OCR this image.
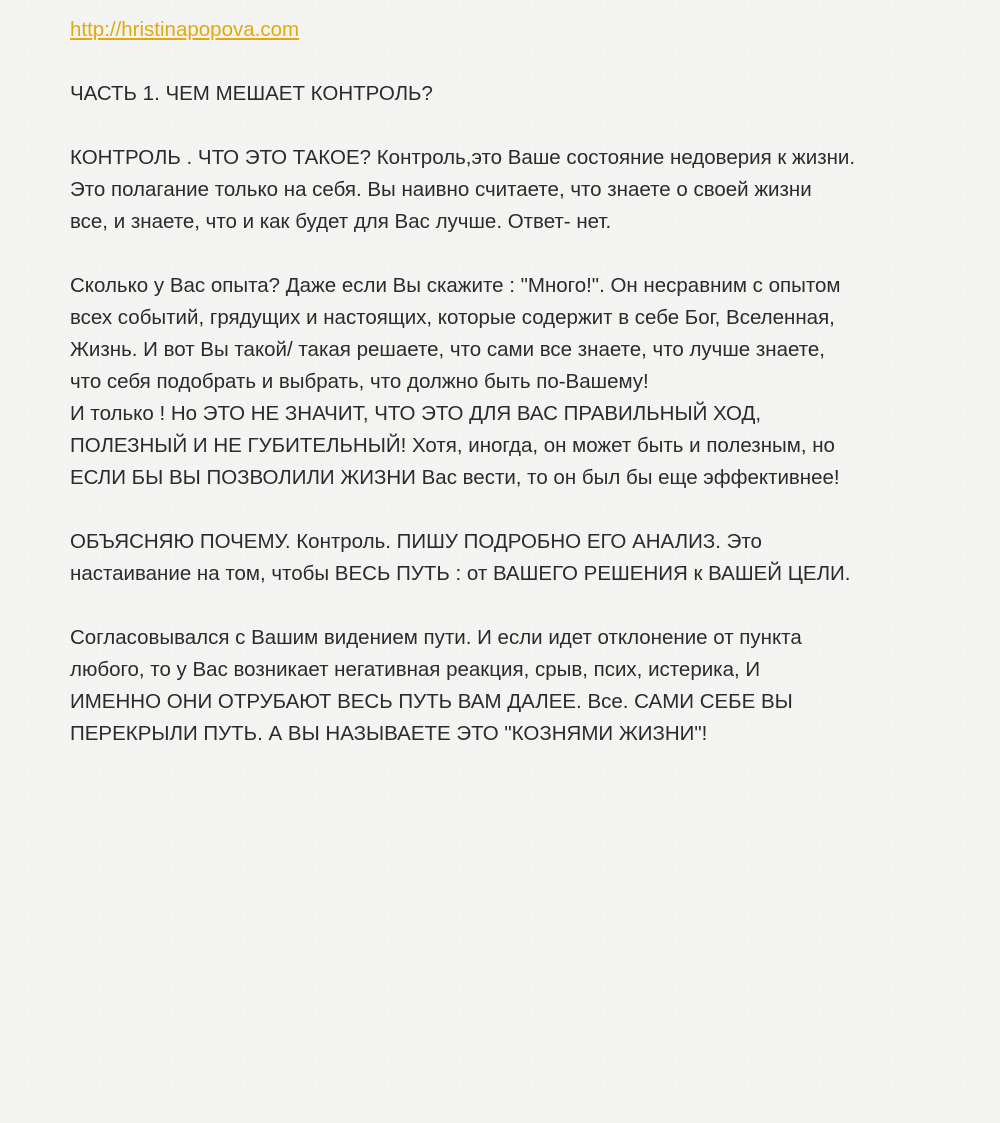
http://hristinapopova.com

ЧАСТЬ 1. ЧЕМ МЕШАЕТ КОНТРОЛЬ?

КОНТРОЛЬ . ЧТО ЭТО ТАКОЕ? Контроль,это Ваше состояние недоверия к жизни.

Это полагание только на себя. Вы наивно считаете, что знаете о своей жизни

все, и знаете, что и как будет для Вас лучше. Ответ- нет.

Сколько у Вас опыта? Даже если Вы скажите : "Много!". Он несравним с опытом

всех событий, грядущих и настоящих, которые содержит в себе Бог, Вселенная,

Жизнь. И вот Вы такой/ такая решаете, что сами все знаете, что лучше знаете,

что себя подобрать и выбрать, что должно быть по-Вашему!

И только ! Но ЭТО НЕ ЗНАЧИТ, ЧТО ЭТО ДЛЯ ВАС ПРАВИЛЬНЫЙ ХОД,

ПОЛЕЗНЫЙ И НЕ ГУБИТЕЛЬНЫЙ! Хотя, иногда, он может быть и полезным, но

ЕСЛИ БЫ ВЫ ПОЗВОЛИЛИ ЖИЗНИ Вас вести, то он был бы еще эффективнее!

ОБЪЯСНЯЮ ПОЧЕМУ. Контроль. ПИШУ ПОДРОБНО ЕГО АНАЛИЗ. Это

настаивание на том, чтобы ВЕСЬ ПУТЬ : от ВАШЕГО РЕШЕНИЯ к ВАШЕЙ ЦЕЛИ.

Согласовывался с Вашим видением пути. И если идет отклонение от пункта

любого, то у Вас возникает негативная реакция, срыв, псих, истерика, И

ИМЕННО ОНИ ОТРУБАЮТ ВЕСЬ ПУТЬ ВАМ ДАЛЕЕ. Все. САМИ СЕБЕ ВЫ

ПЕРЕКРЫЛИ ПУТЬ. А ВЫ НАЗЫВАЕТЕ ЭТО "КОЗНЯМИ ЖИЗНИ"!
